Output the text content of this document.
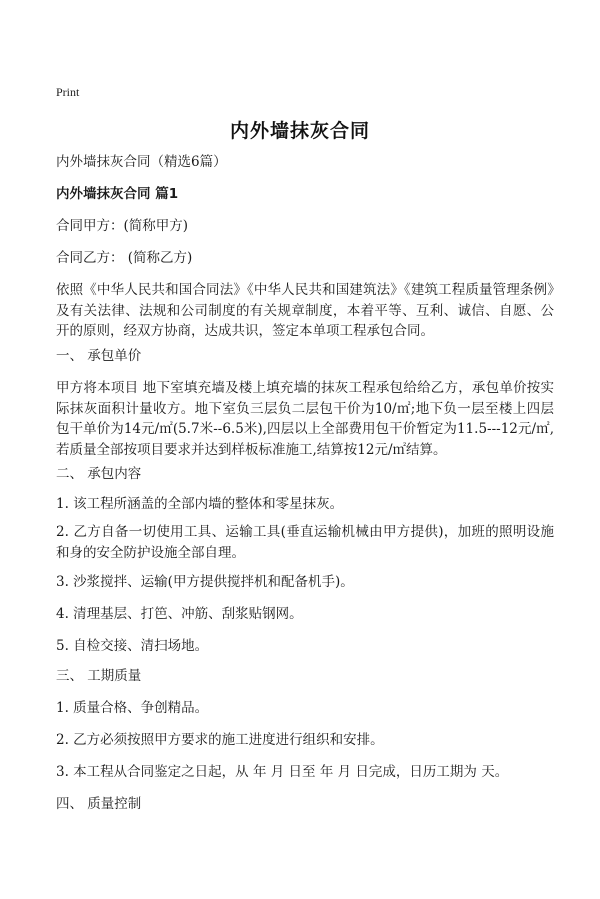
Print
内外墙抹灰合同
内外墙抹灰合同（精选6篇）
内外墙抹灰合同 篇1
合同甲方：(简称甲方)
合同乙方： (简称乙方)
依照《中华人民共和国合同法》《中华人民共和国建筑法》《建筑工程质量管理条例》及有关法律、法规和公司制度的有关规章制度，本着平等、互利、诚信、自愿、公开的原则，经双方协商，达成共识，签定本单项工程承包合同。
一、 承包单价
甲方将本项目 地下室填充墙及楼上填充墙的抹灰工程承包给给乙方，承包单价按实际抹灰面积计量收方。地下室负三层负二层包干价为10/㎡;地下负一层至楼上四层包干单价为14元/㎡(5.7米--6.5米),四层以上全部费用包干价暂定为11.5---12元/㎡,若质量全部按项目要求并达到样板标准施工,结算按12元/㎡结算。
二、 承包内容
1. 该工程所涵盖的全部内墙的整体和零星抹灰。
2. 乙方自备一切使用工具、运输工具(垂直运输机械由甲方提供)，加班的照明设施和身的安全防护设施全部自理。
3. 沙浆搅拌、运输(甲方提供搅拌机和配备机手)。
4. 清理基层、打笆、冲筋、刮浆贴钢网。
5. 自检交接、清扫场地。
三、 工期质量
1. 质量合格、争创精品。
2. 乙方必须按照甲方要求的施工进度进行组织和安排。
3. 本工程从合同鉴定之日起，从 年 月 日至 年 月 日完成，日历工期为 天。
四、 质量控制
